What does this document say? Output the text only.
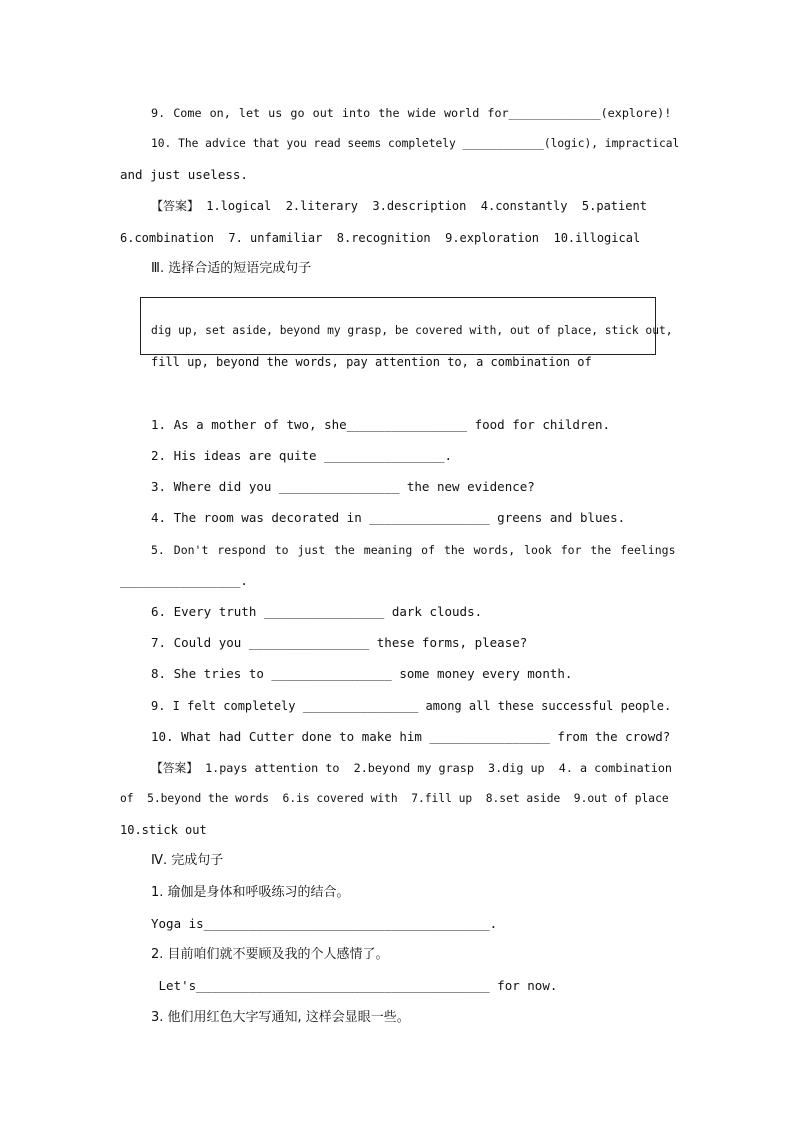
9. Come on, let us go out into the wide world for_____________(explore)!
10. The advice that you read seems completely ____________(logic), impractical
and just useless.
【答案】 1.logical  2.literary  3.description  4.constantly  5.patient
6.combination  7. unfamiliar  8.recognition  9.exploration  10.illogical
Ⅲ. 选择合适的短语完成句子
dig up, set aside, beyond my grasp, be covered with, out of place, stick out,
fill up, beyond the words, pay attention to, a combination of
1. As a mother of two, she________________ food for children.
2. His ideas are quite ________________.
3. Where did you ________________ the new evidence?
4. The room was decorated in ________________ greens and blues.
5. Don't respond to just the meaning of the words, look for the feelings
________________.
6. Every truth ________________ dark clouds.
7. Could you ________________ these forms, please?
8. She tries to ________________ some money every month.
9. I felt completely ________________ among all these successful people.
10. What had Cutter done to make him ________________ from the crowd?
【答案】 1.pays attention to  2.beyond my grasp  3.dig up  4. a combination
of  5.beyond the words  6.is covered with  7.fill up  8.set aside  9.out of place
10.stick out
Ⅳ. 完成句子
1. 瑜伽是身体和呼吸练习的结合。
Yoga is______________________________________.
2. 目前咱们就不要顾及我的个人感情了。
Let's_______________________________________ for now.
3. 他们用红色大字写通知, 这样会显眼一些。
